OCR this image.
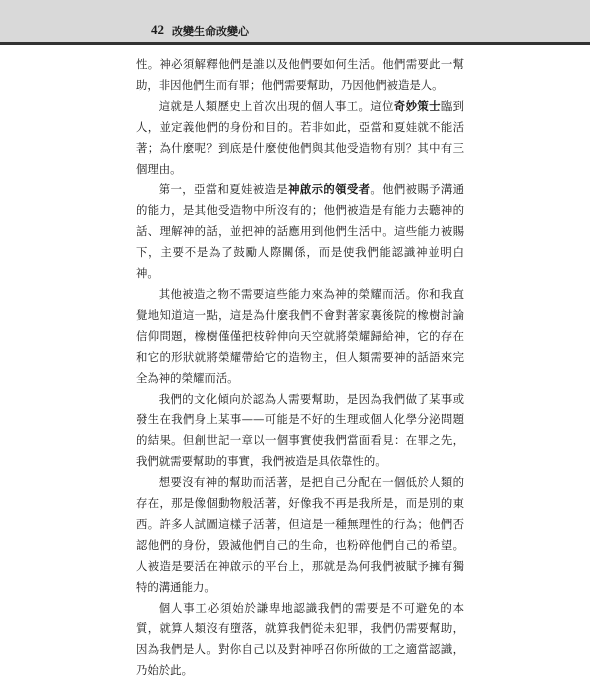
42 改變生命改變心

性。神必須解釋他們是誰以及他們要如何生活。他們需要此一幫助，非因他們生而有罪；他們需要幫助，乃因他們被造是人。

這就是人類歷史上首次出現的個人事工。這位奇妙策士臨到人，並定義他們的身份和目的。若非如此，亞當和夏娃就不能活著；為什麼呢？到底是什麼使他們與其他受造物有別？其中有三個理由。

第一，亞當和夏娃被造是神啟示的領受者。他們被賜予溝通的能力，是其他受造物中所沒有的；他們被造是有能力去聽神的話、理解神的話，並把神的話應用到他們生活中。這些能力被賜下，主要不是為了鼓勵人際關係，而是使我們能認識神並明白神。

其他被造之物不需要這些能力來為神的榮耀而活。你和我直覺地知道這一點，這是為什麼我們不會對著家裏後院的橡樹討論信仰問題，橡樹僅僅把枝幹伸向天空就將榮耀歸給神，它的存在和它的形狀就將榮耀帶給它的造物主，但人類需要神的話語來完全為神的榮耀而活。

我們的文化傾向於認為人需要幫助，是因為我們做了某事或發生在我們身上某事——可能是不好的生理或個人化學分泌問題的結果。但創世記一章以一個事實使我們當面看見：在罪之先，我們就需要幫助的事實，我們被造是具依靠性的。

想要沒有神的幫助而活著，是把自己分配在一個低於人類的存在，那是像個動物般活著，好像我不再是我所是，而是別的東西。許多人試圖這樣子活著，但這是一種無理性的行為；他們否認他們的身份，毀滅他們自己的生命，也粉碎他們自己的希望。人被造是要活在神啟示的平台上，那就是為何我們被賦予擁有獨特的溝通能力。

個人事工必須始於謙卑地認識我們的需要是不可避免的本質，就算人類沒有墮落，就算我們從未犯罪，我們仍需要幫助，因為我們是人。對你自己以及對神呼召你所做的工之適當認識，乃始於此。
